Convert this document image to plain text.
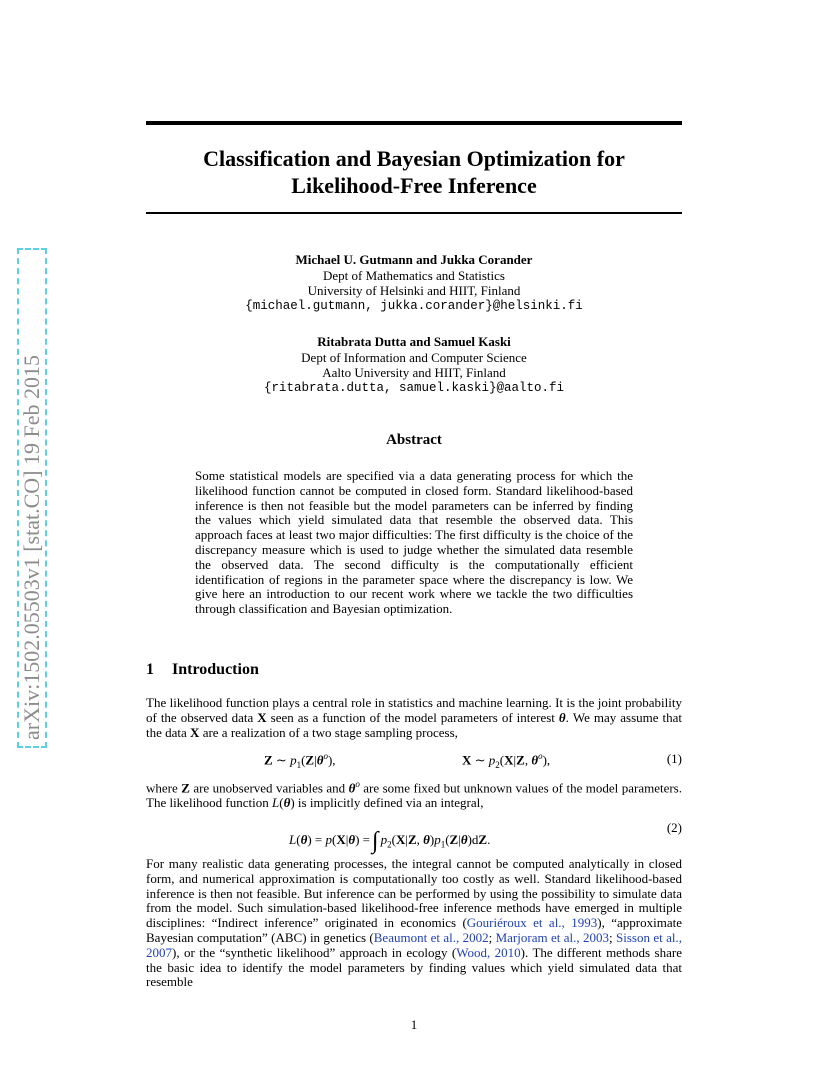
arXiv:1502.05503v1 [stat.CO] 19 Feb 2015
Classification and Bayesian Optimization for
Likelihood-Free Inference
Michael U. Gutmann and Jukka Corander
Dept of Mathematics and Statistics
University of Helsinki and HIIT, Finland
{michael.gutmann, jukka.corander}@helsinki.fi
Ritabrata Dutta and Samuel Kaski
Dept of Information and Computer Science
Aalto University and HIIT, Finland
{ritabrata.dutta, samuel.kaski}@aalto.fi
Abstract

Some statistical models are specified via a data generating process for which the likelihood function cannot be computed in closed form. Standard likelihood-based inference is then not feasible but the model parameters can be inferred by finding the values which yield simulated data that resemble the observed data. This approach faces at least two major difficulties: The first difficulty is the choice of the discrepancy measure which is used to judge whether the simulated data resemble the observed data. The second difficulty is the computationally efficient identification of regions in the parameter space where the discrepancy is low. We give here an introduction to our recent work where we tackle the two difficulties through classification and Bayesian optimization.

1 Introduction

The likelihood function plays a central role in statistics and machine learning. It is the joint probability of the observed data X seen as a function of the model parameters of interest θ. We may assume that the data X are a realization of a two stage sampling process,

Z ∼ $p_1(Z|\theta^o)$,	X ∼ $p_2(X|Z$, $\theta^o$),	(1)

where Z are unobserved variables and $\theta^o$ are some fixed but unknown values of the model parameters. The likelihood function L(θ) is implicitly defined via an integral,

L(θ) = p(X|θ) =∫ $p_2(X|Z$, $\theta)p_1(Z|\theta)dZ$.
(2)

For many realistic data generating processes, the integral cannot be computed analytically in closed form, and numerical approximation is computationally too costly as well. Standard likelihood-based inference is then not feasible. But inference can be performed by using the possibility to simulate data from the model. Such simulation-based likelihood-free inference methods have emerged in multiple disciplines: “Indirect inference” originated in economics (Gouriéroux et al., 1993), “approximate Bayesian computation” (ABC) in genetics (Beaumont et al., 2002; Marjoram et al., 2003; Sisson et al., 2007), or the “synthetic likelihood” approach in ecology (Wood, 2010). The different methods share the basic idea to identify the model parameters by finding values which yield simulated data that resemble

1
